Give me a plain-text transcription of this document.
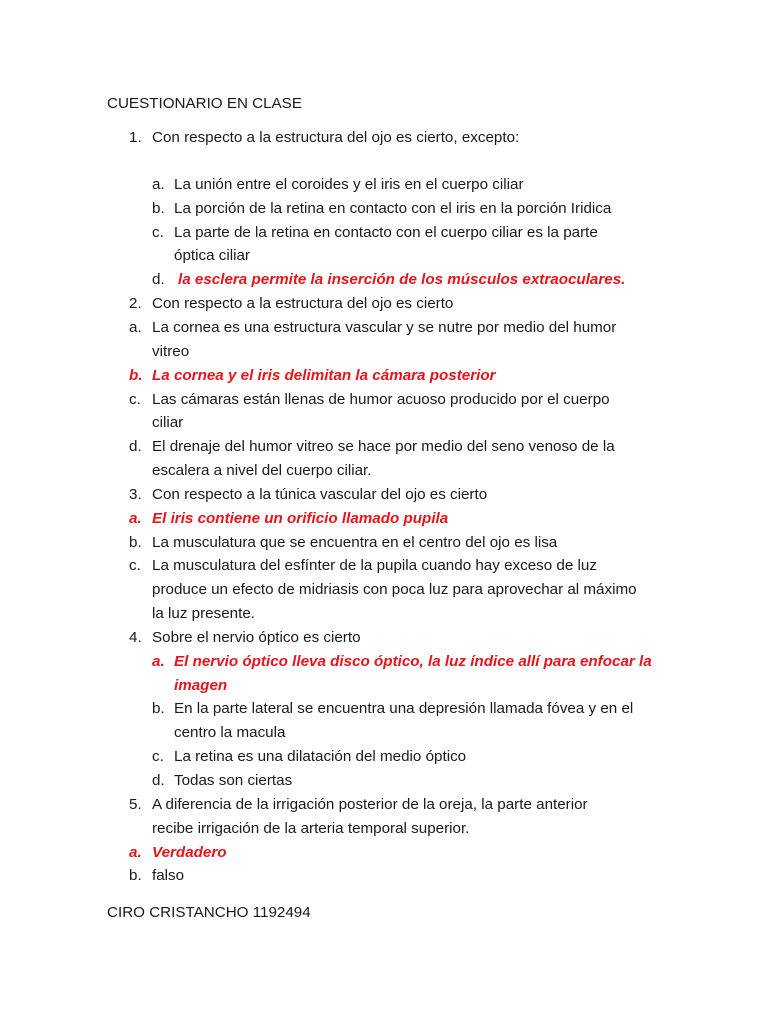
CUESTIONARIO EN CLASE
1. Con respecto a la estructura del ojo es cierto, excepto:
a. La unión entre el coroides y el iris en el cuerpo ciliar
b. La porción de la retina en contacto con el iris en la porción Iridica
c. La parte de la retina en contacto con el cuerpo ciliar es la parte
óptica ciliar
d. la esclera permite la inserción de los músculos extraoculares.
2. Con respecto a la estructura del ojo es cierto
a. La cornea es una estructura vascular y se nutre por medio del humor
vitreo
b. La cornea y el iris delimitan la cámara posterior
c. Las cámaras están llenas de humor acuoso producido por el cuerpo
ciliar
d. El drenaje del humor vitreo se hace por medio del seno venoso de la
escalera a nivel del cuerpo ciliar.
3. Con respecto a la túnica vascular del ojo es cierto
a. El iris contiene un orificio llamado pupila
b. La musculatura que se encuentra en el centro del ojo es lisa
c. La musculatura del esfínter de la pupila cuando hay exceso de luz
produce un efecto de midriasis con poca luz para aprovechar al máximo
la luz presente.
4. Sobre el nervio óptico es cierto
a. El nervio óptico lleva disco óptico, la luz índice allí para enfocar la
imagen
b. En la parte lateral se encuentra una depresión llamada fóvea y en el
centro la macula
c. La retina es una dilatación del medio óptico
d. Todas son ciertas
5. A diferencia de la irrigación posterior de la oreja, la parte anterior
recibe irrigación de la arteria temporal superior.
a. Verdadero
b. falso
CIRO CRISTANCHO 1192494
